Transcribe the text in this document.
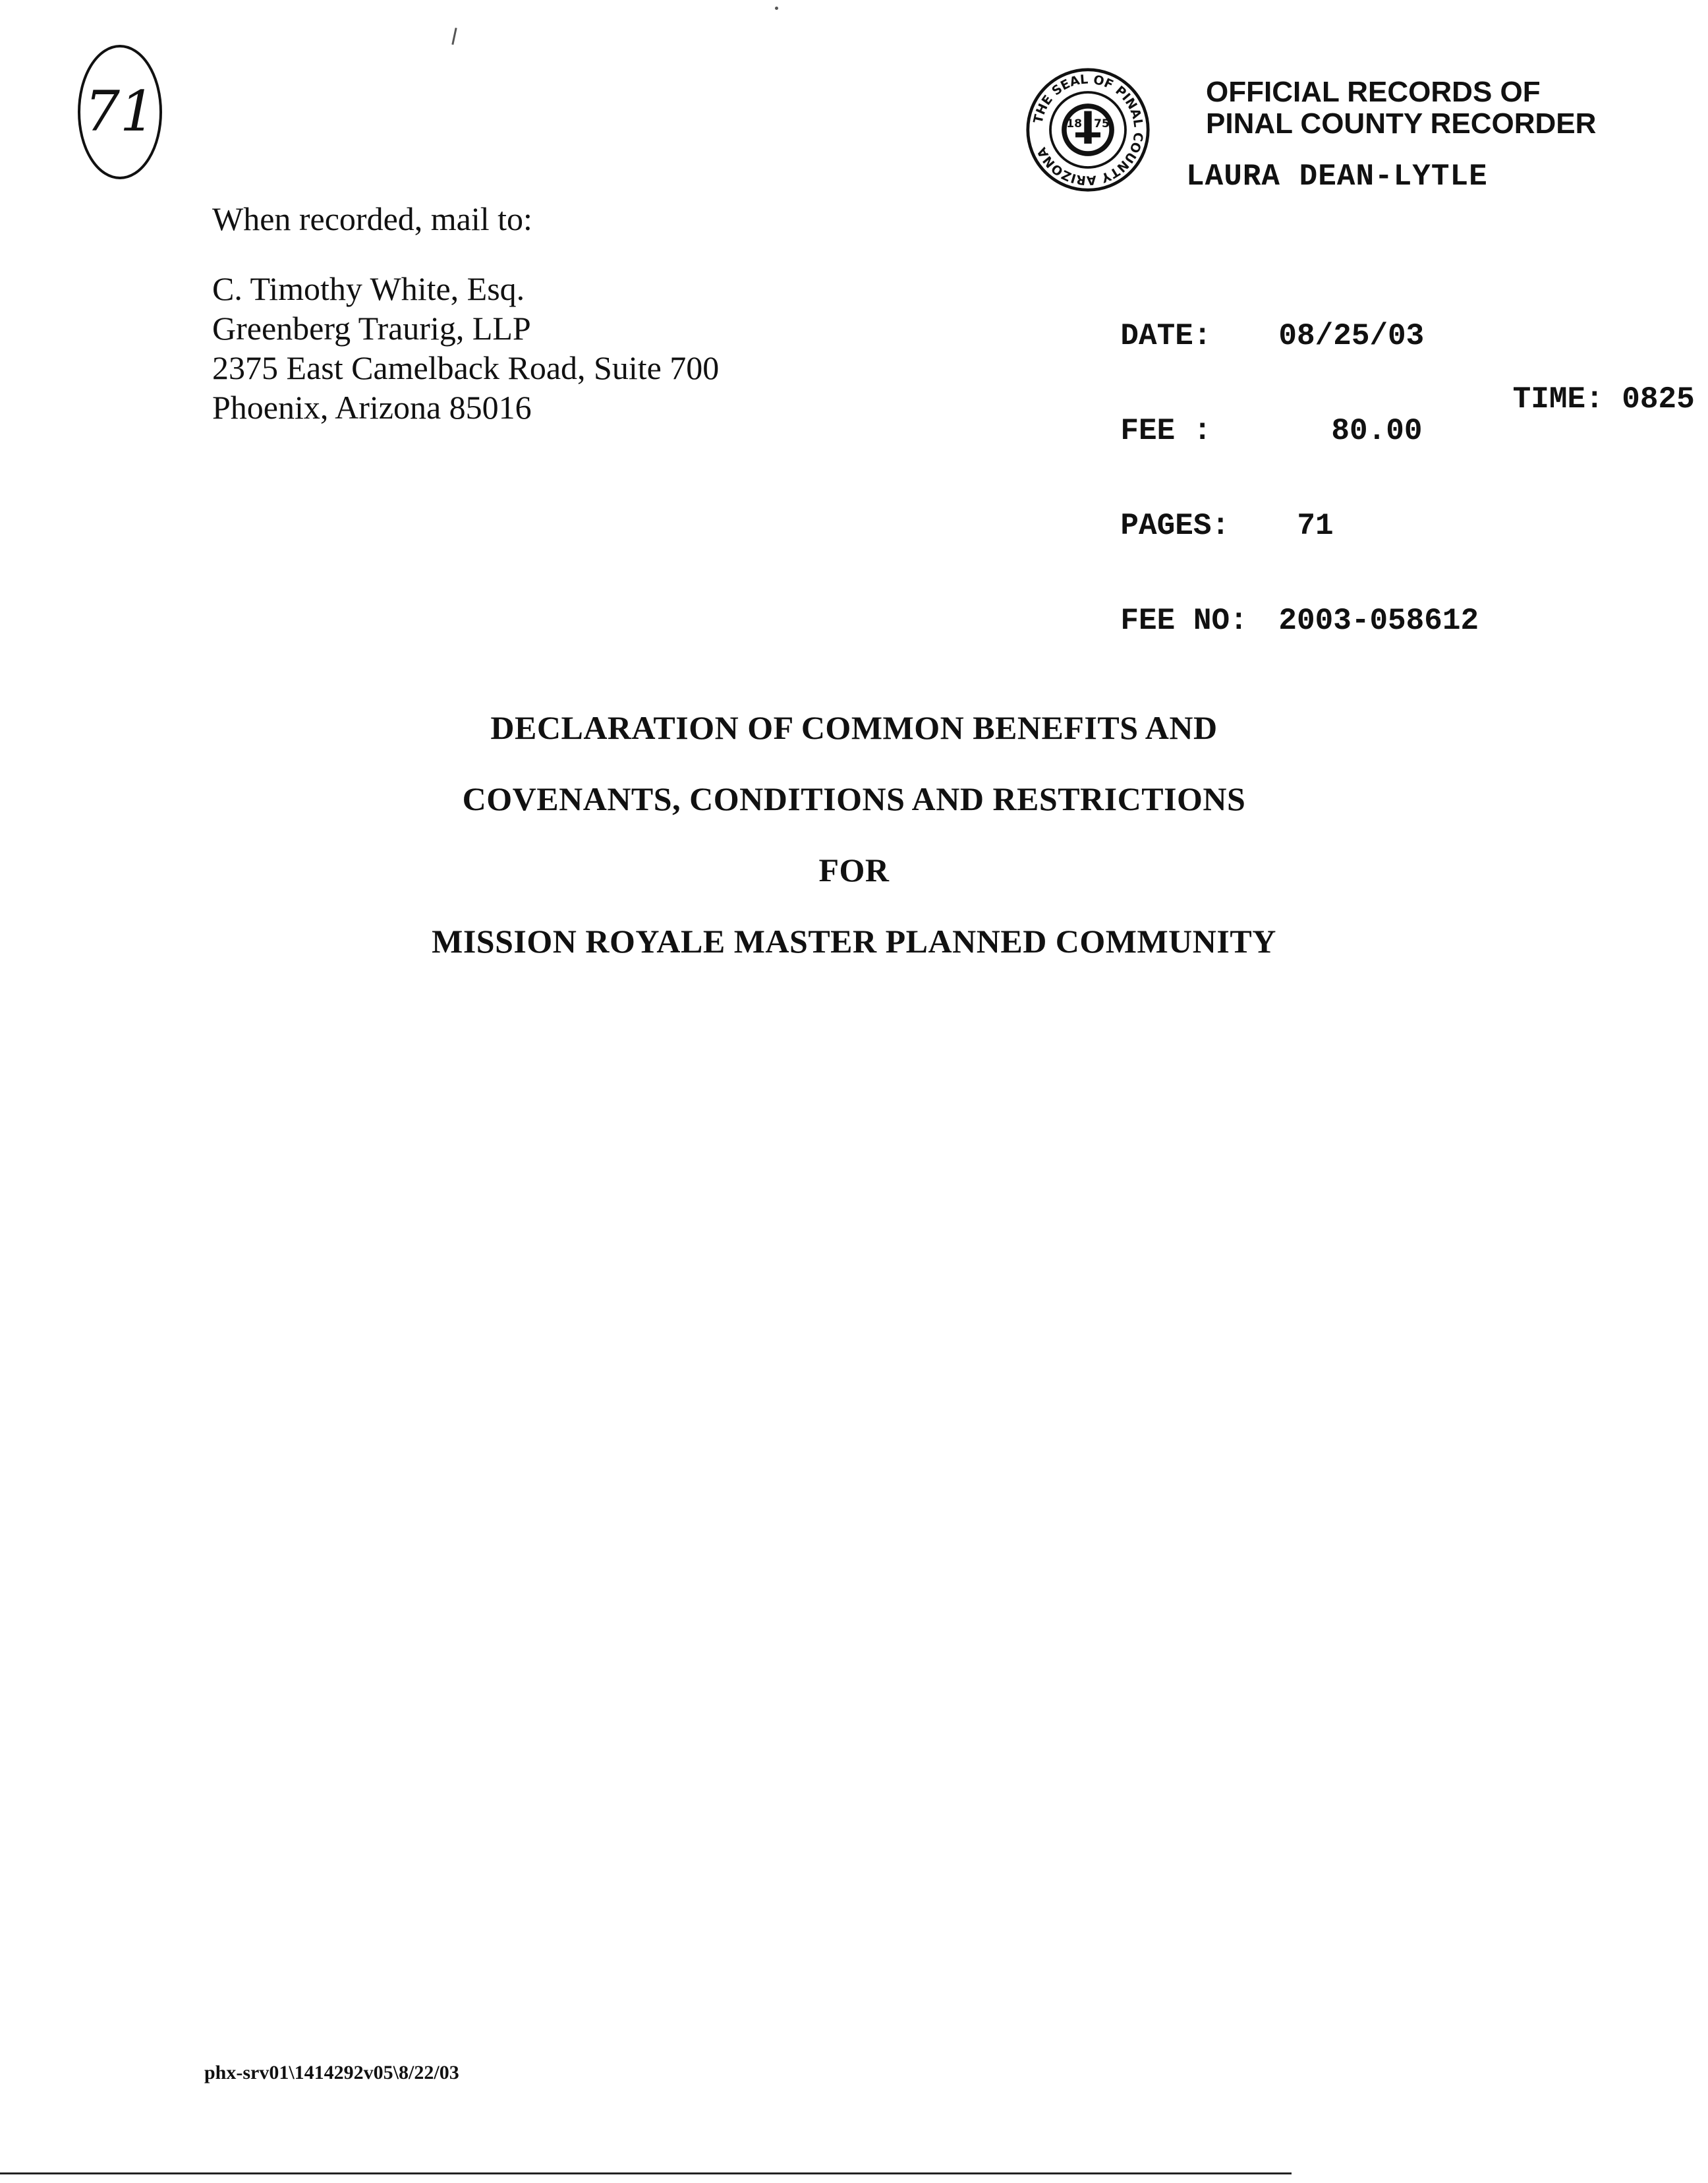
71
When recorded, mail to:
C. Timothy White, Esq.
Greenberg Traurig, LLP
2375 East Camelback Road, Suite 700
Phoenix, Arizona 85016
THE SEAL OF PINAL COUNTY ARIZONA
18 75
OFFICIAL RECORDS OF
PINAL COUNTY RECORDER
LAURA DEAN-LYTLE

DATE: 08/25/03

TIME: 0825

FEE :	80.00

PAGES: 71

FEE NO: 2003-058612

DECLARATION OF COMMON BENEFITS AND
COVENANTS, CONDITIONS AND RESTRICTIONS
FOR
MISSION ROYALE MASTER PLANNED COMMUNITY
phx-srv01\1414292v05\8/22/03
